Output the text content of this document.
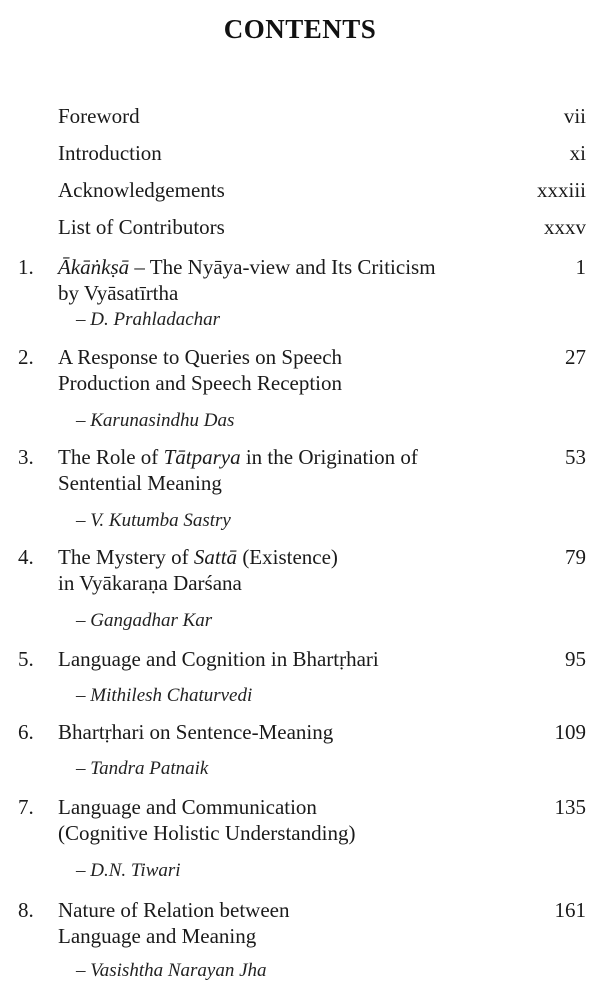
CONTENTS
Foreword	vii
Introduction	xi
Acknowledgements	xxxiii
List of Contributors	xxxv
1.	Ākāṅkṣā – The Nyāya-view and Its Criticism	1
by Vyāsatīrtha
– D. Prahladachar
2.	A Response to Queries on Speech	27
Production and Speech Reception
– Karunasindhu Das
3.	The Role of Tātparya in the Origination of	53
Sentential Meaning
– V. Kutumba Sastry
4.	The Mystery of Sattā (Existence)	79
in Vyākaraṇa Darśana
– Gangadhar Kar
5.	Language and Cognition in Bhartṛhari	95
– Mithilesh Chaturvedi
6.	Bhartṛhari on Sentence-Meaning	109
– Tandra Patnaik
7.	Language and Communication	135
(Cognitive Holistic Understanding)
– D.N. Tiwari
8.	Nature of Relation between	161
Language and Meaning
– Vasishtha Narayan Jha
